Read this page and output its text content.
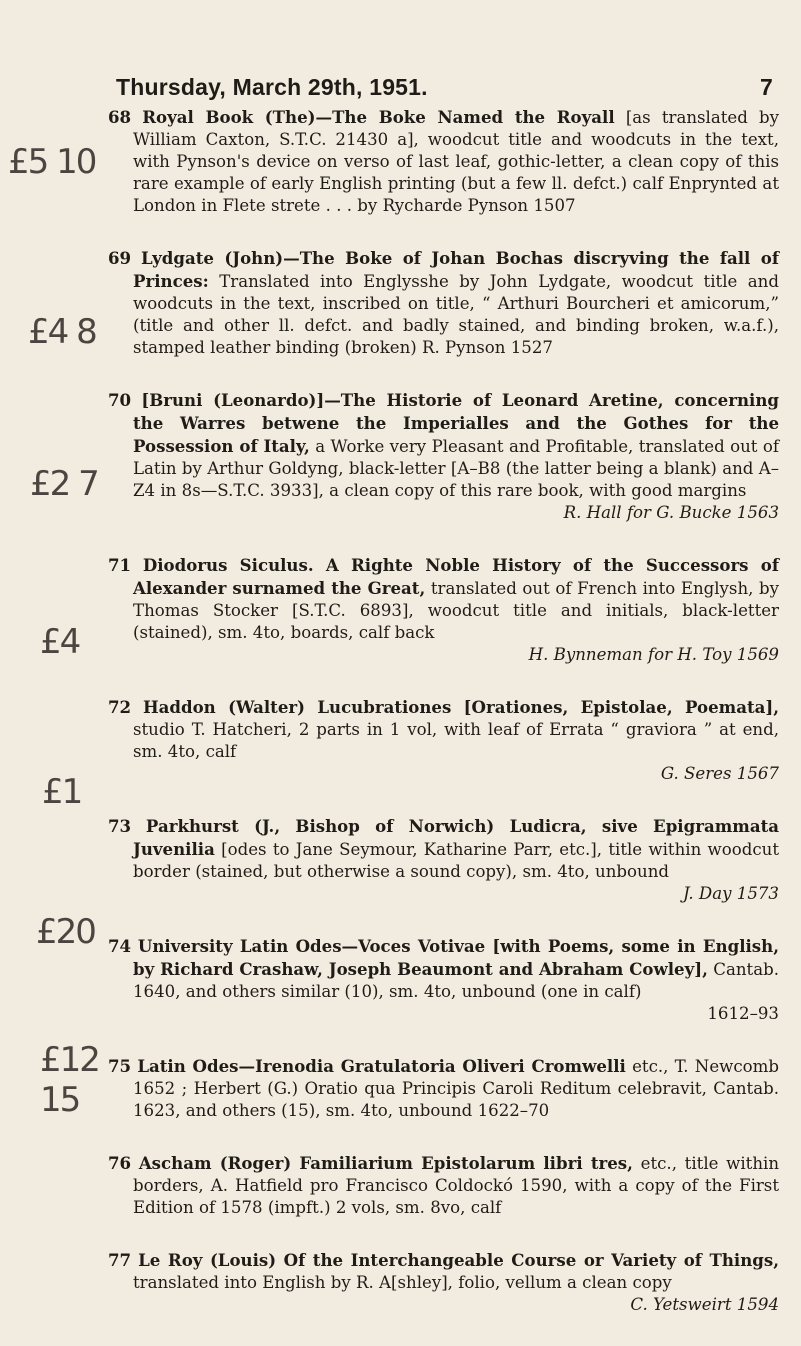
Thursday, March 29th, 1951.	7
£5 10
£4 8
£2 7
£4
£1
£20
£12 15
68 Royal Book (The)—The Boke Named the Royall [as translated by William Caxton, S.T.C. 21430 a], woodcut title and woodcuts in the text, with Pynson's device on verso of last leaf, gothic-letter, a clean copy of this rare example of early English printing (but a few ll. defct.) calf Enprynted at London in Flete strete . . . by Rycharde Pynson 1507
69 Lydgate (John)—The Boke of Johan Bochas discryving the fall of Princes: Translated into Englysshe by John Lydgate, woodcut title and woodcuts in the text, inscribed on title, “ Arthuri Bourcheri et amicorum,” (title and other ll. defct. and badly stained, and binding broken, w.a.f.), stamped leather binding (broken) R. Pynson 1527
70 [Bruni (Leonardo)]—The Historie of Leonard Aretine, concerning the Warres betwene the Imperialles and the Gothes for the Possession of Italy, a Worke very Pleasant and Profitable, translated out of Latin by Arthur Goldyng, black-letter [A–B8 (the latter being a blank) and A–Z4 in 8s—S.T.C. 3933], a clean copy of this rare book, with good margins
R. Hall for G. Bucke 1563
71 Diodorus Siculus. A Righte Noble History of the Successors of Alexander surnamed the Great, translated out of French into Englysh, by Thomas Stocker [S.T.C. 6893], woodcut title and initials, black-letter (stained), sm. 4to, boards, calf back
H. Bynneman for H. Toy 1569
72 Haddon (Walter) Lucubrationes [Orationes, Epistolae, Poemata], studio T. Hatcheri, 2 parts in 1 vol, with leaf of Errata “ graviora ” at end, sm. 4to, calf
G. Seres 1567
73 Parkhurst (J., Bishop of Norwich) Ludicra, sive Epigrammata Juvenilia [odes to Jane Seymour, Katharine Parr, etc.], title within woodcut border (stained, but otherwise a sound copy), sm. 4to, unbound
J. Day 1573
74 University Latin Odes—Voces Votivae [with Poems, some in English, by Richard Crashaw, Joseph Beaumont and Abraham Cowley], Cantab. 1640, and others similar (10), sm. 4to, unbound (one in calf)
1612–93
75 Latin Odes—Irenodia Gratulatoria Oliveri Cromwelli etc., T. Newcomb 1652 ; Herbert (G.) Oratio qua Principis Caroli Reditum celebravit, Cantab. 1623, and others (15), sm. 4to, unbound 1622–70
76 Ascham (Roger) Familiarium Epistolarum libri tres, etc., title within borders, A. Hatfield pro Francisco Coldockó 1590, with a copy of the First Edition of 1578 (impft.) 2 vols, sm. 8vo, calf
77 Le Roy (Louis) Of the Interchangeable Course or Variety of Things, translated into English by R. A[shley], folio, vellum a clean copy
C. Yetsweirt 1594
